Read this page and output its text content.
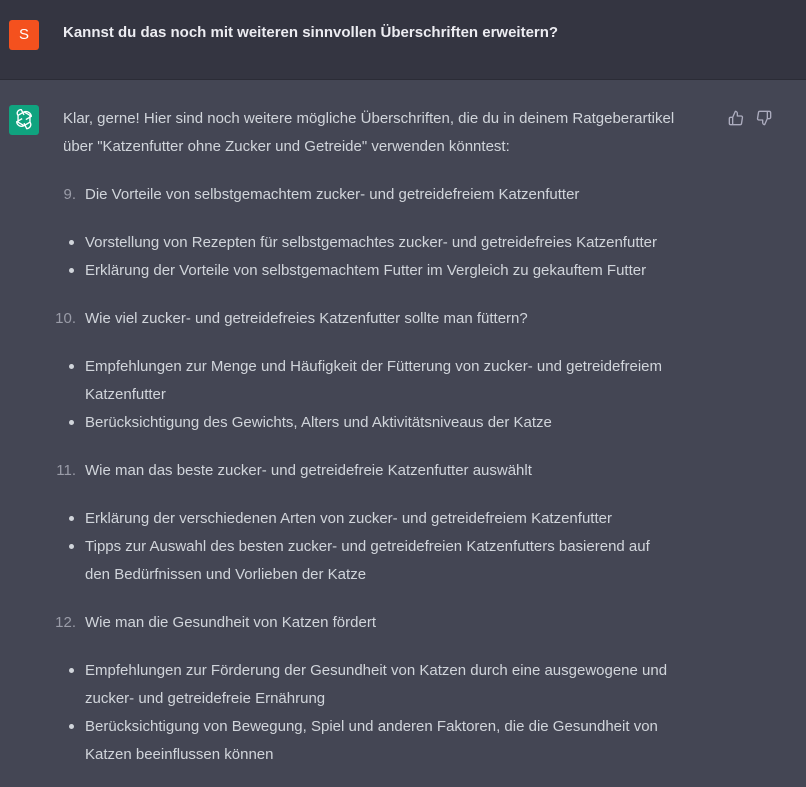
S	Kannst du das noch mit weiteren sinnvollen Überschriften erweitern?
Klar, gerne! Hier sind noch weitere mögliche Überschriften, die du in deinem Ratgeberartikel
über "Katzenfutter ohne Zucker und Getreide" verwenden könntest:
9. Die Vorteile von selbstgemachtem zucker- und getreidefreiem Katzenfutter
Vorstellung von Rezepten für selbstgemachtes zucker- und getreidefreies Katzenfutter
Erklärung der Vorteile von selbstgemachtem Futter im Vergleich zu gekauftem Futter
10. Wie viel zucker- und getreidefreies Katzenfutter sollte man füttern?
Empfehlungen zur Menge und Häufigkeit der Fütterung von zucker- und getreidefreiem
Katzenfutter
Berücksichtigung des Gewichts, Alters und Aktivitätsniveaus der Katze
11. Wie man das beste zucker- und getreidefreie Katzenfutter auswählt
Erklärung der verschiedenen Arten von zucker- und getreidefreiem Katzenfutter
Tipps zur Auswahl des besten zucker- und getreidefreien Katzenfutters basierend auf
den Bedürfnissen und Vorlieben der Katze
12. Wie man die Gesundheit von Katzen fördert
Empfehlungen zur Förderung der Gesundheit von Katzen durch eine ausgewogene und
zucker- und getreidefreie Ernährung
Berücksichtigung von Bewegung, Spiel und anderen Faktoren, die die Gesundheit von
Katzen beeinflussen können
